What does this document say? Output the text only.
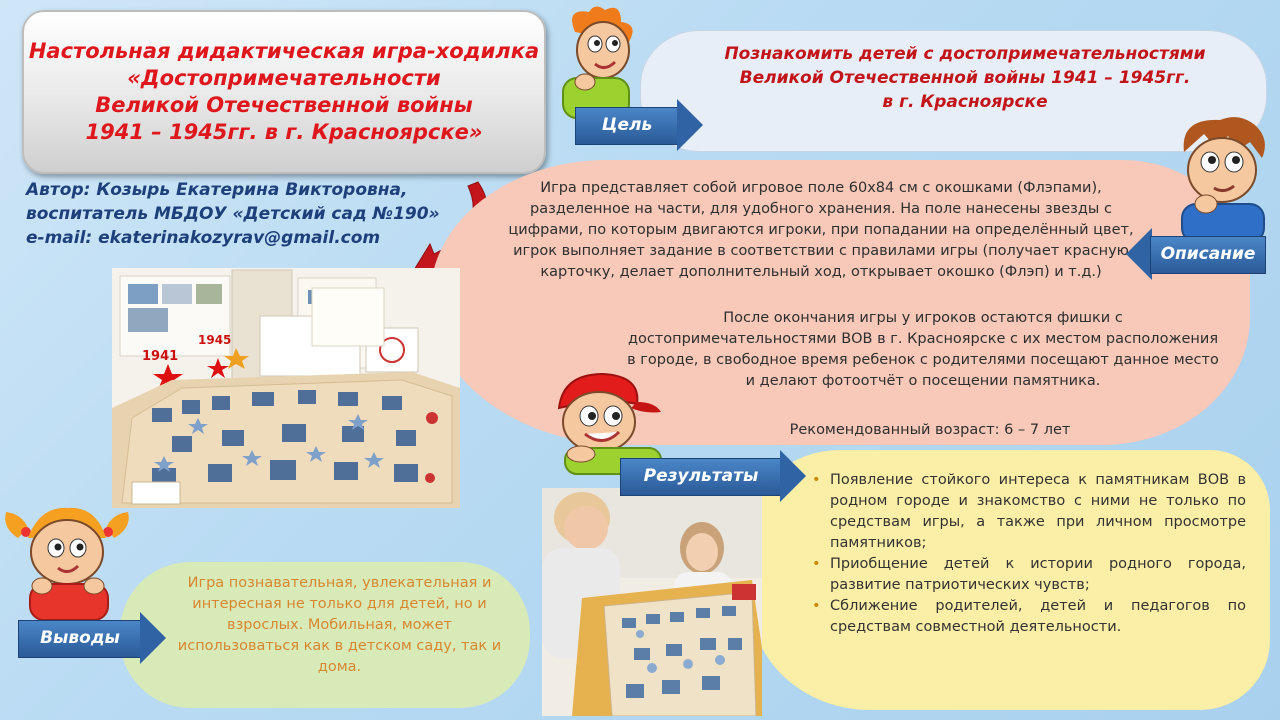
Настольная дидактическая игра-ходилка
«Достопримечательности
Великой Отечественной войны
1941 – 1945гг. в г. Красноярске»
Автор: Козырь Екатерина Викторовна,
воспитатель МБДОУ «Детский сад №190»
e-mail: ekaterinakozyrav@gmail.com
Познакомить детей с достопримечательностями
Великой Отечественной войны 1941 – 1945гг.
в г. Красноярске
Игра представляет собой игровое поле 60х84 см с окошками (Флэпами), разделенное на части, для удобного хранения. На поле нанесены звезды с цифрами, по которым двигаются игроки, при попадании на определённый цвет, игрок выполняет задание в соответствии с правилами игры (получает красную карточку, делает дополнительный ход, открывает окошко (Флэп) и т.д.)
После окончания игры у игроков остаются фишки с достопримечательностями ВОВ в г. Красноярске с их местом расположения в городе, в свободное время ребенок с родителями посещают данное место и делают фотоотчёт о посещении памятника.
Рекомендованный возраст: 6 – 7 лет
• Появление стойкого интереса к памятникам ВОВ в родном городе и знакомство с ними не только по средствам игры, а также при личном просмотре памятников;
• Приобщение детей к истории родного города, развитие патриотических чувств;
• Сближение родителей, детей и педагогов по средствам совместной деятельности.
Игра познавательная, увлекательная и интересная не только для детей, но и взрослых. Мобильная, может использоваться как в детском саду, так и дома.
1941
1945
Цель
Описание
Результаты
Выводы
